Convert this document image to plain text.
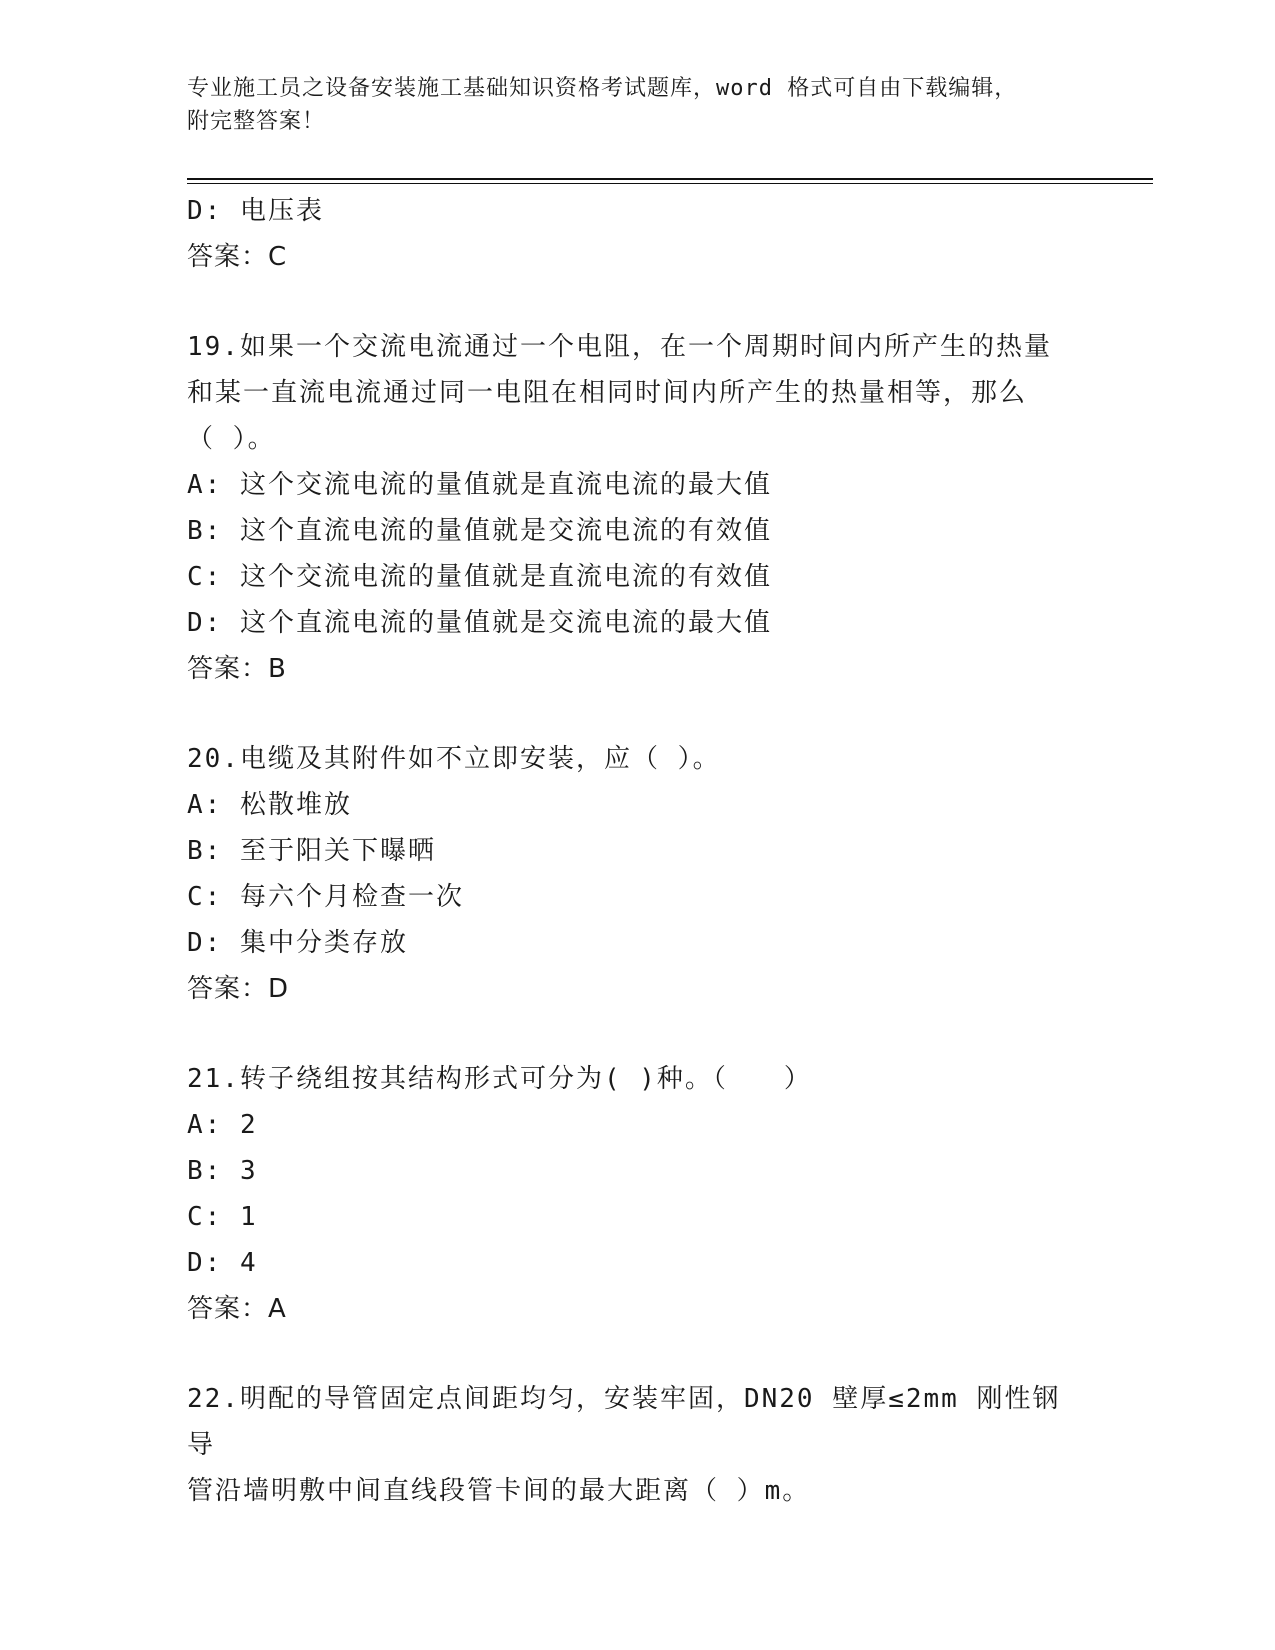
专业施工员之设备安装施工基础知识资格考试题库，word 格式可自由下载编辑，
附完整答案！
D: 电压表
答案：C
19.如果一个交流电流通过一个电阻，在一个周期时间内所产生的热量
和某一直流电流通过同一电阻在相同时间内所产生的热量相等，那么
（ ）。
A: 这个交流电流的量值就是直流电流的最大值
B: 这个直流电流的量值就是交流电流的有效值
C: 这个交流电流的量值就是直流电流的有效值
D: 这个直流电流的量值就是交流电流的最大值
答案：B
20.电缆及其附件如不立即安装，应（ ）。
A: 松散堆放
B: 至于阳关下曝晒
C: 每六个月检查一次
D: 集中分类存放
答案：D
21.转子绕组按其结构形式可分为( )种。（　　）
A: 2
B: 3
C: 1
D: 4
答案：A
22.明配的导管固定点间距均匀，安装牢固，DN20 壁厚≤2mm 刚性钢导
管沿墙明敷中间直线段管卡间的最大距离（ ）m。
